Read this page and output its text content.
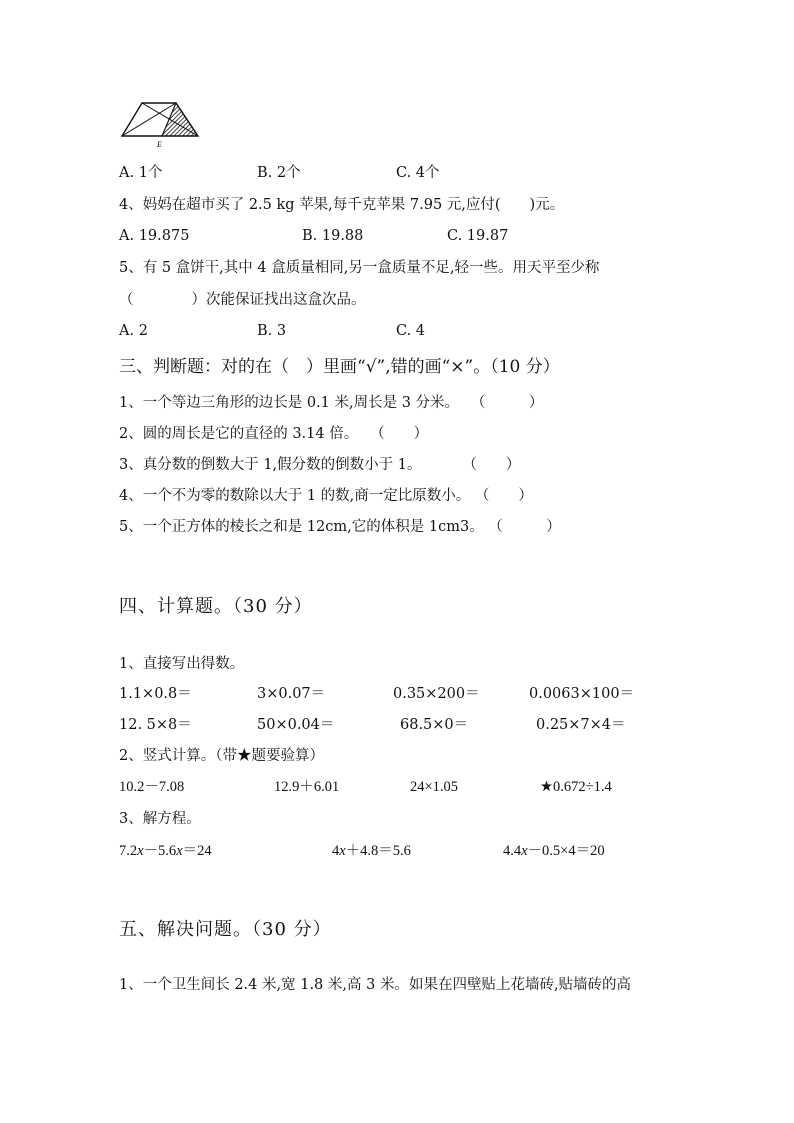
E
A. 1个	B. 2个	C. 4个
4、妈妈在超市买了 2.5 kg 苹果,每千克苹果 7.95 元,应付(　　)元。
A. 19.875	B. 19.88	C. 19.87
5、有 5 盒饼干,其中 4 盒质量相同,另一盒质量不足,轻一些。用天平至少称
（　　　　）次能保证找出这盒次品。
A. 2	B. 3	C. 4
三、判断题：对的在（　）里画“√”,错的画“×”。（10 分）
1、一个等边三角形的边长是 0.1 米,周长是 3 分米。　 （　　　）
2、圆的周长是它的直径的 3.14 倍。　 （　　）
3、真分数的倒数大于 1,假分数的倒数小于 1。　　　 （　　）
4、一个不为零的数除以大于 1 的数,商一定比原数小。 （　　）
5、一个正方体的棱长之和是 12cm,它的体积是 1cm3。 （　　　）
四、计算题。（30 分）
1、直接写出得数。
1.1×0.8＝	3×0.07＝	0.35×200＝	0.0063×100＝
12. 5×8＝	50×0.04＝	68.5×0＝	0.25×7×4＝
2、竖式计算。（带★题要验算）
10.2－7.08	12.9＋6.01	24×1.05	★0.672÷1.4
3、解方程。
7.2x－5.6x＝24	4x＋4.8＝5.6	4.4x－0.5×4＝20
五、解决问题。（30 分）
1、一个卫生间长 2.4 米,宽 1.8 米,高 3 米。如果在四壁贴上花墙砖,贴墙砖的高
